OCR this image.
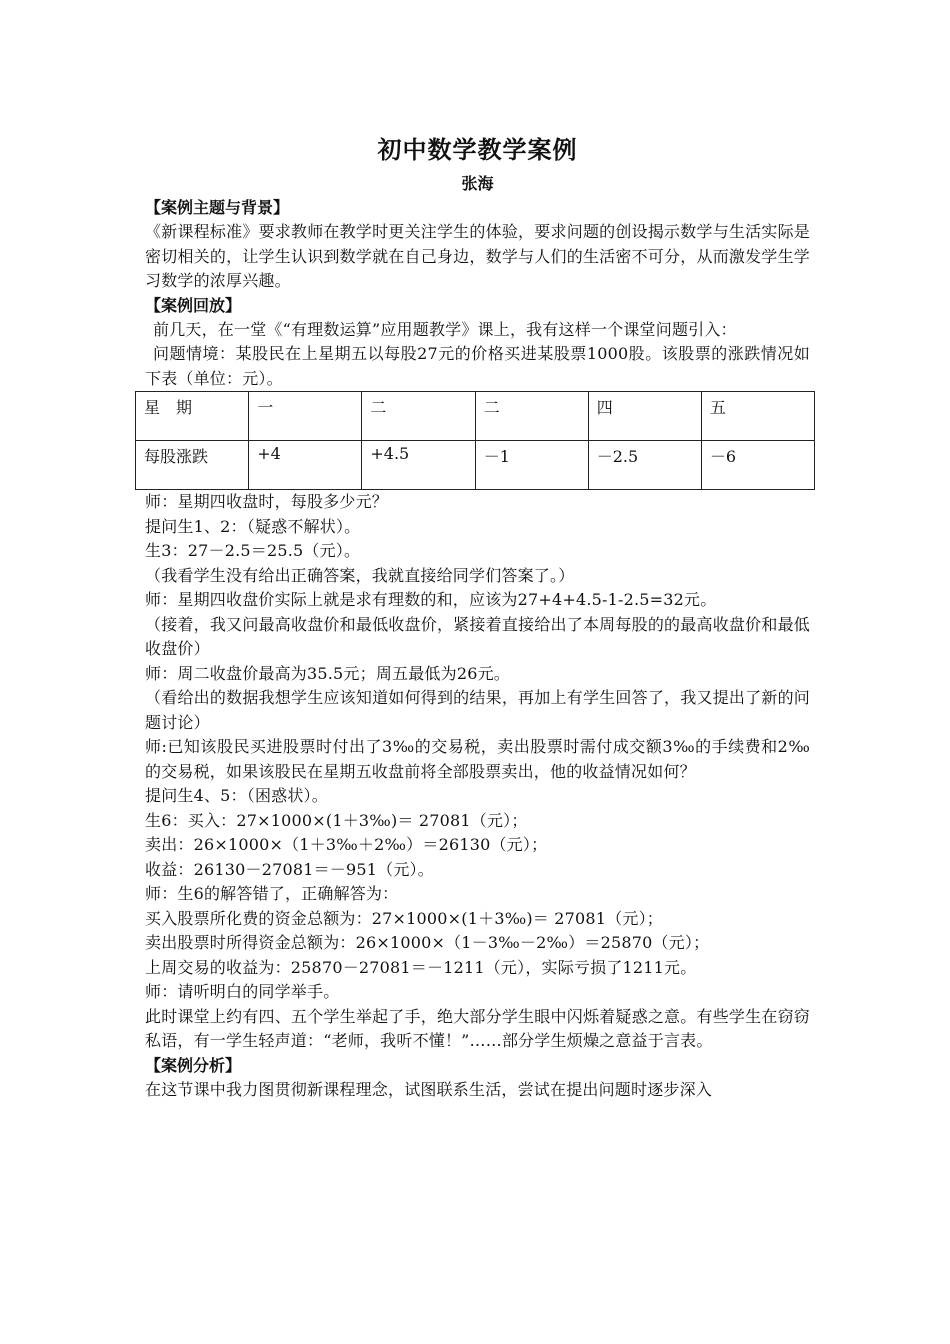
初中数学教学案例
张海
【案例主题与背景】

《新课程标准》要求教师在教学时更关注学生的体验，要求问题的创设揭示数学与生活实际是密切相关的，让学生认识到数学就在自己身边，数学与人们的生活密不可分，从而激发学生学习数学的浓厚兴趣。

【案例回放】

前几天，在一堂《“有理数运算”应用题教学》课上，我有这样一个课堂问题引入：

问题情境：某股民在上星期五以每股27元的价格买进某股票1000股。该股票的涨跌情况如下表（单位：元）。

星　期	一	二	二	四	五
每股涨跌	+4	+4.5	－1	－2.5	－6

师：星期四收盘时，每股多少元？

提问生1、2：（疑惑不解状）。

生3：27－2.5＝25.5（元）。

（我看学生没有给出正确答案，我就直接给同学们答案了。）

师：星期四收盘价实际上就是求有理数的和，应该为27+4+4.5-1-2.5=32元。

（接着，我又问最高收盘价和最低收盘价，紧接着直接给出了本周每股的的最高收盘价和最低收盘价）

师：周二收盘价最高为35.5元；周五最低为26元。

（看给出的数据我想学生应该知道如何得到的结果，再加上有学生回答了，我又提出了新的问题讨论）

师:已知该股民买进股票时付出了3‰的交易税，卖出股票时需付成交额3‰的手续费和2‰的交易税，如果该股民在星期五收盘前将全部股票卖出，他的收益情况如何？

提问生4、5：（困惑状）。

生6：买入：27×1000×(1＋3‰)＝ 27081（元）；

卖出：26×1000×（1＋3‰＋2‰）＝26130（元）；

收益：26130－27081＝－951（元）。

师：生6的解答错了，正确解答为：

买入股票所化费的资金总额为：27×1000×(1＋3‰)＝ 27081（元）；

卖出股票时所得资金总额为：26×1000×（1－3‰－2‰）＝25870（元）；

上周交易的收益为：25870－27081＝－1211（元），实际亏损了1211元。

师：请听明白的同学举手。

此时课堂上约有四、五个学生举起了手，绝大部分学生眼中闪烁着疑惑之意。有些学生在窃窃私语，有一学生轻声道：“老师，我听不懂！”……部分学生烦燥之意益于言表。

【案例分析】

在这节课中我力图贯彻新课程理念，试图联系生活，尝试在提出问题时逐步深入
